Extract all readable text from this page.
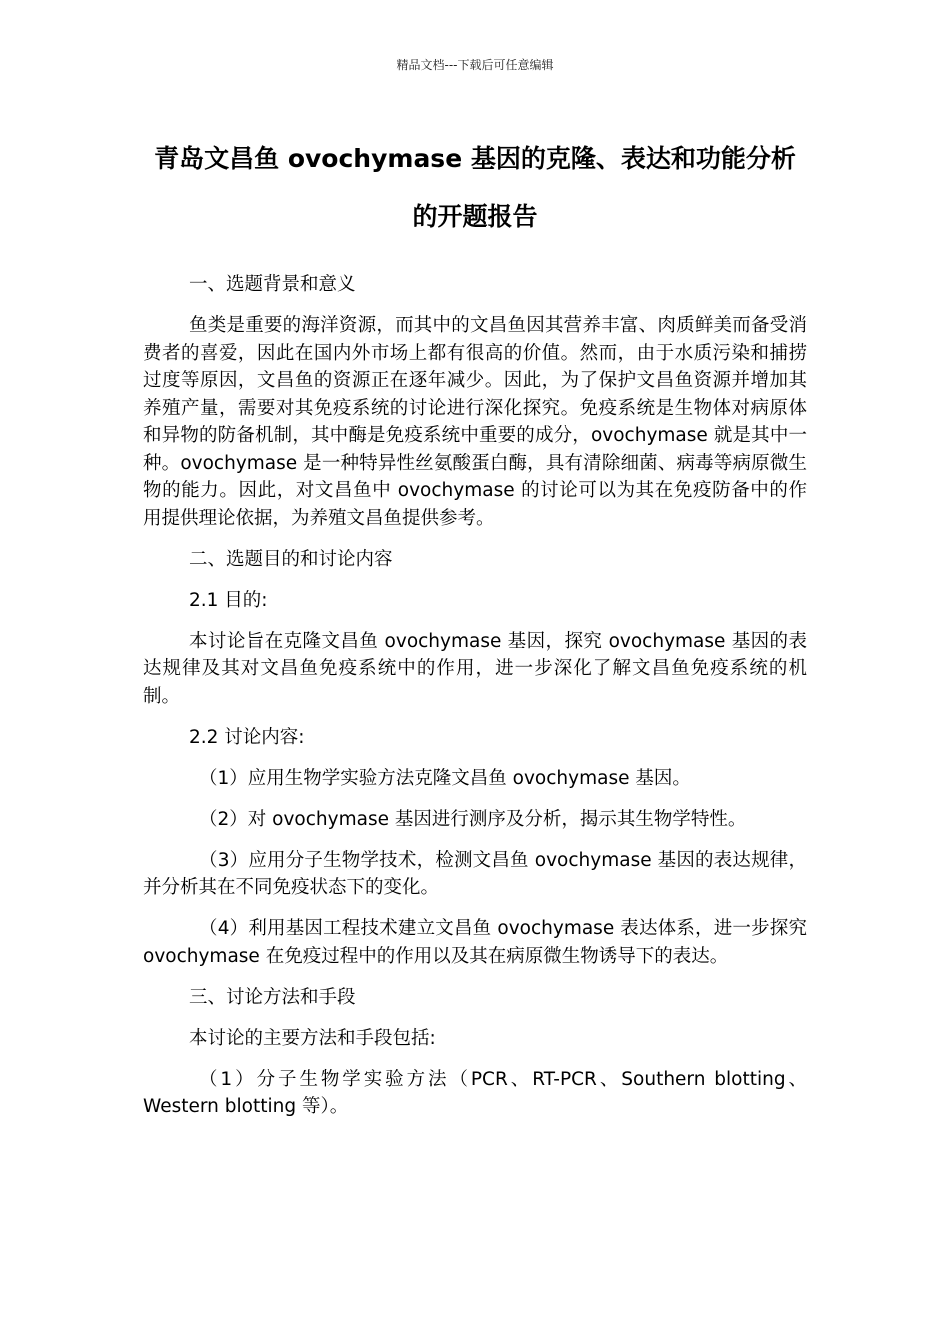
精品文档---下载后可任意编辑
青岛文昌鱼 ovochymase 基因的克隆、表达和功能分析的开题报告

一、选题背景和意义

鱼类是重要的海洋资源，而其中的文昌鱼因其营养丰富、肉质鲜美而备受消费者的喜爱，因此在国内外市场上都有很高的价值。然而，由于水质污染和捕捞过度等原因，文昌鱼的资源正在逐年减少。因此，为了保护文昌鱼资源并增加其养殖产量，需要对其免疫系统的讨论进行深化探究。免疫系统是生物体对病原体和异物的防备机制，其中酶是免疫系统中重要的成分，ovochymase 就是其中一种。ovochymase 是一种特异性丝氨酸蛋白酶，具有清除细菌、病毒等病原微生物的能力。因此，对文昌鱼中 ovochymase 的讨论可以为其在免疫防备中的作用提供理论依据，为养殖文昌鱼提供参考。

二、选题目的和讨论内容

2.1 目的:

本讨论旨在克隆文昌鱼 ovochymase 基因，探究 ovochymase 基因的表达规律及其对文昌鱼免疫系统中的作用，进一步深化了解文昌鱼免疫系统的机制。

2.2 讨论内容:

（1）应用生物学实验方法克隆文昌鱼 ovochymase 基因。

（2）对 ovochymase 基因进行测序及分析，揭示其生物学特性。

（3）应用分子生物学技术，检测文昌鱼 ovochymase 基因的表达规律，并分析其在不同免疫状态下的变化。

（4）利用基因工程技术建立文昌鱼 ovochymase 表达体系，进一步探究 ovochymase 在免疫过程中的作用以及其在病原微生物诱导下的表达。

三、讨论方法和手段

本讨论的主要方法和手段包括:

（1）分子生物学实验方法（PCR、RT-PCR、Southern blotting、Western blotting 等）。
